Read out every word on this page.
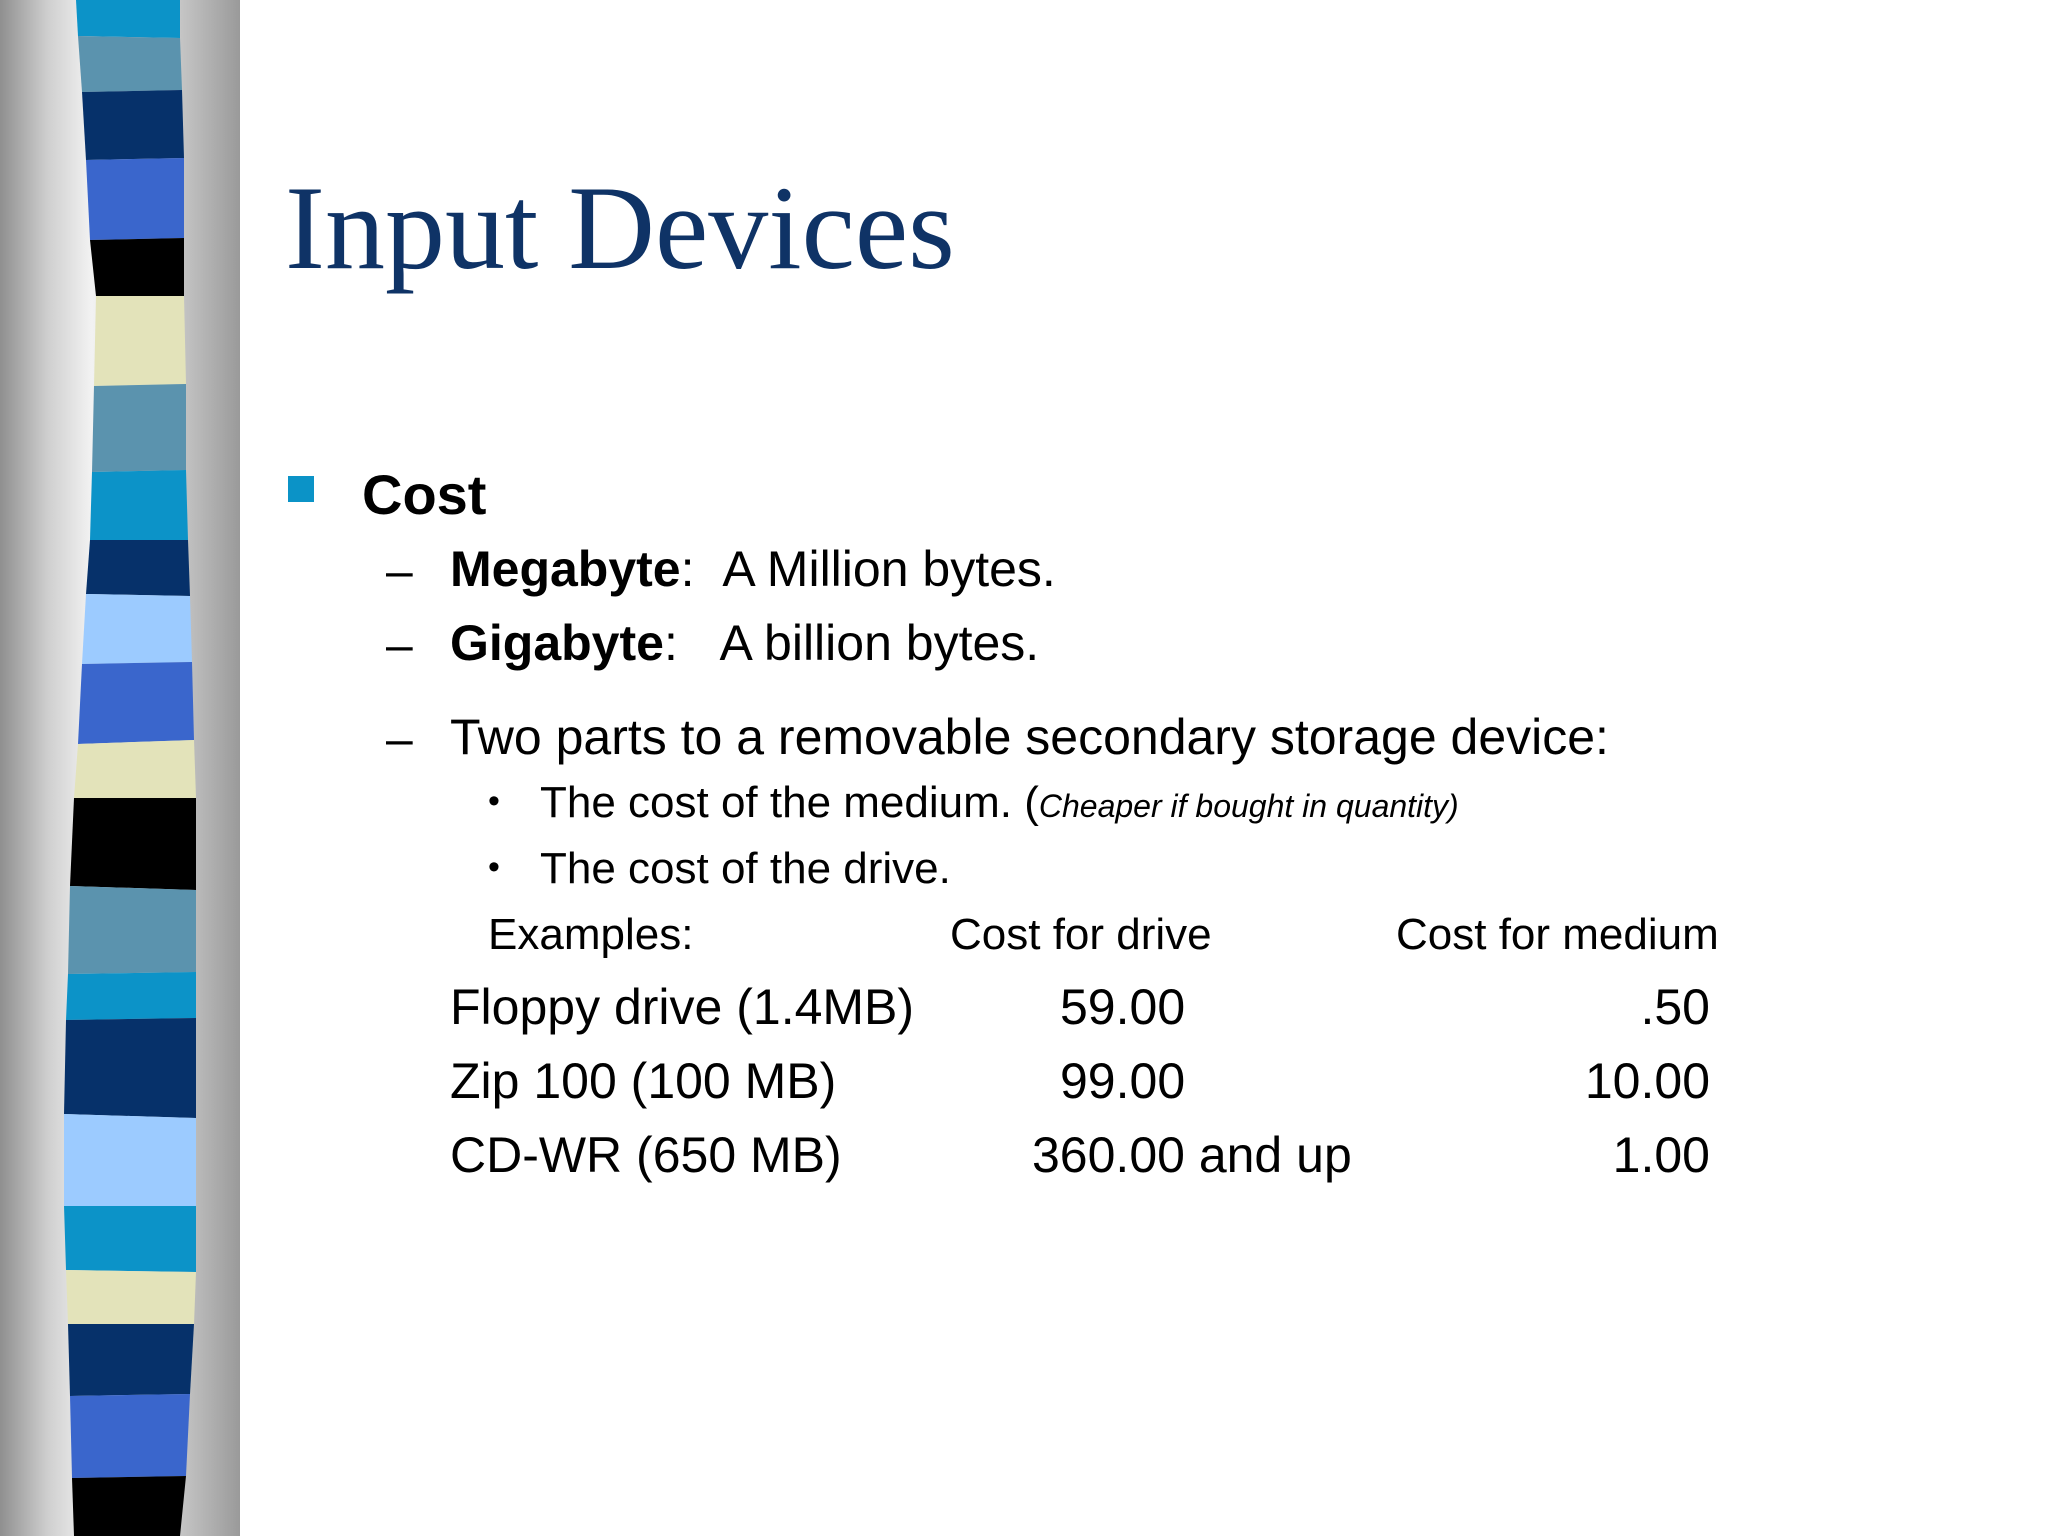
Input Devices
Cost
– Megabyte: A Million bytes.
– Gigabyte: A billion bytes.
– Two parts to a removable secondary storage device:
• The cost of the medium. (Cheaper if bought in quantity)
• The cost of the drive.
Examples:	Cost for drive	Cost for medium
Floppy drive (1.4MB)	59.00	.50
Zip 100 (100 MB)	99.00	10.00
CD-WR (650 MB)	360.00 and up	1.00
